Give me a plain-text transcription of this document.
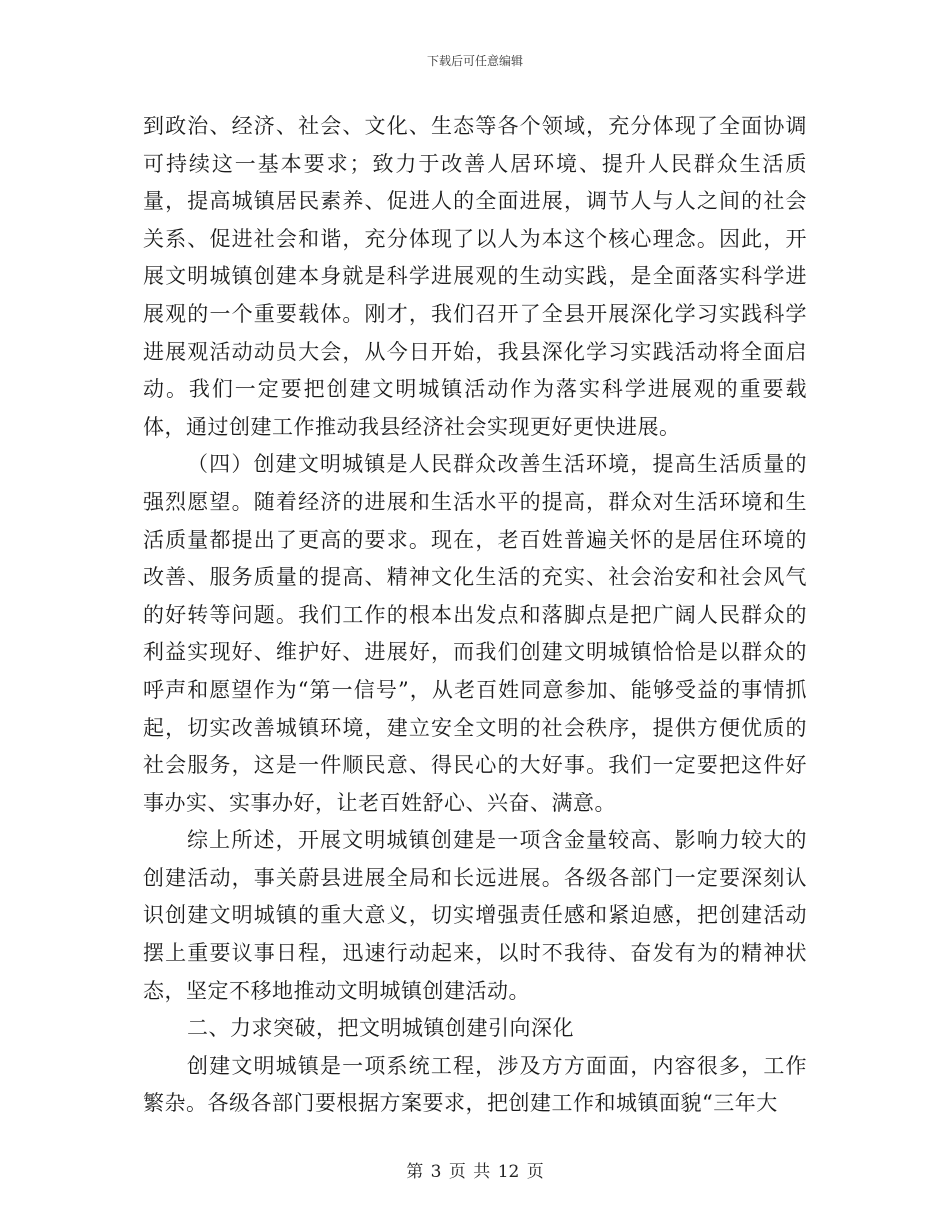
下载后可任意编辑

到政治、经济、社会、文化、生态等各个领域，充分体现了全面协调可持续这一基本要求；致力于改善人居环境、提升人民群众生活质量，提高城镇居民素养、促进人的全面进展，调节人与人之间的社会关系、促进社会和谐，充分体现了以人为本这个核心理念。因此，开展文明城镇创建本身就是科学进展观的生动实践，是全面落实科学进展观的一个重要载体。刚才，我们召开了全县开展深化学习实践科学进展观活动动员大会，从今日开始，我县深化学习实践活动将全面启动。我们一定要把创建文明城镇活动作为落实科学进展观的重要载体，通过创建工作推动我县经济社会实现更好更快进展。

（四）创建文明城镇是人民群众改善生活环境，提高生活质量的强烈愿望。随着经济的进展和生活水平的提高，群众对生活环境和生活质量都提出了更高的要求。现在，老百姓普遍关怀的是居住环境的改善、服务质量的提高、精神文化生活的充实、社会治安和社会风气的好转等问题。我们工作的根本出发点和落脚点是把广阔人民群众的利益实现好、维护好、进展好，而我们创建文明城镇恰恰是以群众的呼声和愿望作为“第一信号”，从老百姓同意参加、能够受益的事情抓起，切实改善城镇环境，建立安全文明的社会秩序，提供方便优质的社会服务，这是一件顺民意、得民心的大好事。我们一定要把这件好事办实、实事办好，让老百姓舒心、兴奋、满意。

综上所述，开展文明城镇创建是一项含金量较高、影响力较大的创建活动，事关蔚县进展全局和长远进展。各级各部门一定要深刻认识创建文明城镇的重大意义，切实增强责任感和紧迫感，把创建活动摆上重要议事日程，迅速行动起来，以时不我待、奋发有为的精神状态，坚定不移地推动文明城镇创建活动。

二、力求突破，把文明城镇创建引向深化

创建文明城镇是一项系统工程，涉及方方面面，内容很多，工作繁杂。各级各部门要根据方案要求，把创建工作和城镇面貌“三年大

第 3 页 共 12 页
